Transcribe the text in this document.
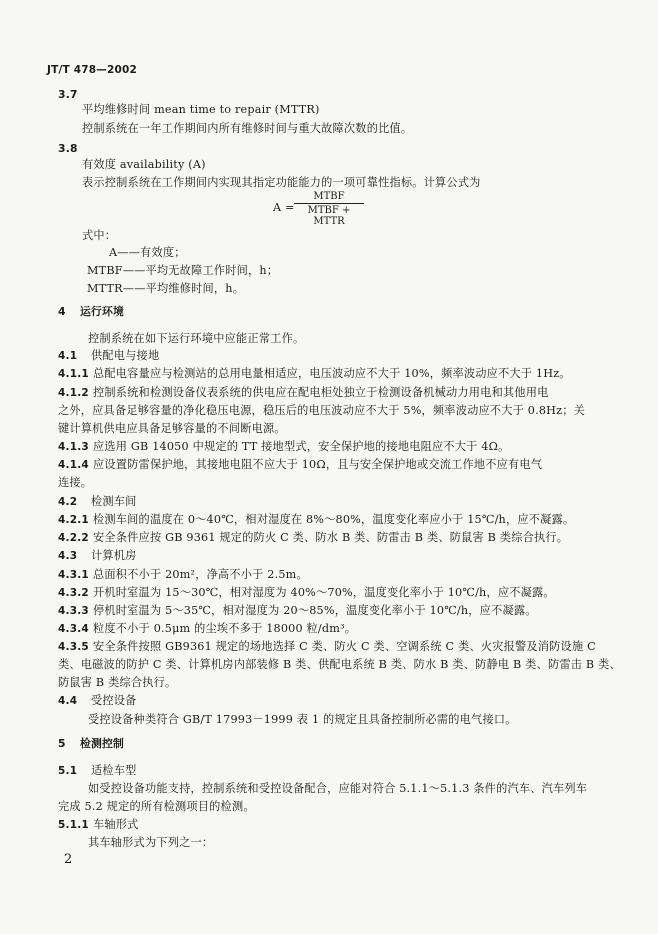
JT/T 478—2002
3.7
平均维修时间 mean time to repair (MTTR)
控制系统在一年工作期间内所有维修时间与重大故障次数的比值。
3.8
有效度 availability (A)
表示控制系统在工作期间内实现其指定功能能力的一项可靠性指标。计算公式为
A =
MTBF
MTBF + MTTR
式中：
A——有效度；
MTBF——平均无故障工作时间，h；
MTTR——平均维修时间，h。
4 运行环境
控制系统在如下运行环境中应能正常工作。
4.1 供配电与接地
4.1.1 总配电容量应与检测站的总用电量相适应，电压波动应不大于 10%，频率波动应不大于 1Hz。
4.1.2 控制系统和检测设备仪表系统的供电应在配电柜处独立于检测设备机械动力用电和其他用电
之外，应具备足够容量的净化稳压电源，稳压后的电压波动应不大于 5%，频率波动应不大于 0.8Hz；关
键计算机供电应具备足够容量的不间断电源。
4.1.3 应选用 GB 14050 中规定的 TT 接地型式，安全保护地的接地电阻应不大于 4Ω。
4.1.4 应设置防雷保护地，其接地电阻不应大于 10Ω，且与安全保护地或交流工作地不应有电气
连接。
4.2 检测车间
4.2.1 检测车间的温度在 0～40℃，相对湿度在 8%～80%，温度变化率应小于 15℃/h，应不凝露。
4.2.2 安全条件应按 GB 9361 规定的防火 C 类、防水 B 类、防雷击 B 类、防鼠害 B 类综合执行。
4.3 计算机房
4.3.1 总面积不小于 20m²，净高不小于 2.5m。
4.3.2 开机时室温为 15～30℃，相对湿度为 40%～70%，温度变化率小于 10℃/h，应不凝露。
4.3.3 停机时室温为 5～35℃，相对湿度为 20～85%，温度变化率小于 10℃/h，应不凝露。
4.3.4 粒度不小于 0.5μm 的尘埃不多于 18000 粒/dm³。
4.3.5 安全条件按照 GB9361 规定的场地选择 C 类、防火 C 类、空调系统 C 类、火灾报警及消防设施 C
类、电磁波的防护 C 类、计算机房内部装修 B 类、供配电系统 B 类、防水 B 类、防静电 B 类、防雷击 B 类、
防鼠害 B 类综合执行。
4.4 受控设备
受控设备种类符合 GB/T 17993－1999 表 1 的规定且具备控制所必需的电气接口。
5 检测控制
5.1 适检车型
如受控设备功能支持，控制系统和受控设备配合，应能对符合 5.1.1～5.1.3 条件的汽车、汽车列车
完成 5.2 规定的所有检测项目的检测。
5.1.1 车轴形式
其车轴形式为下列之一：
2
